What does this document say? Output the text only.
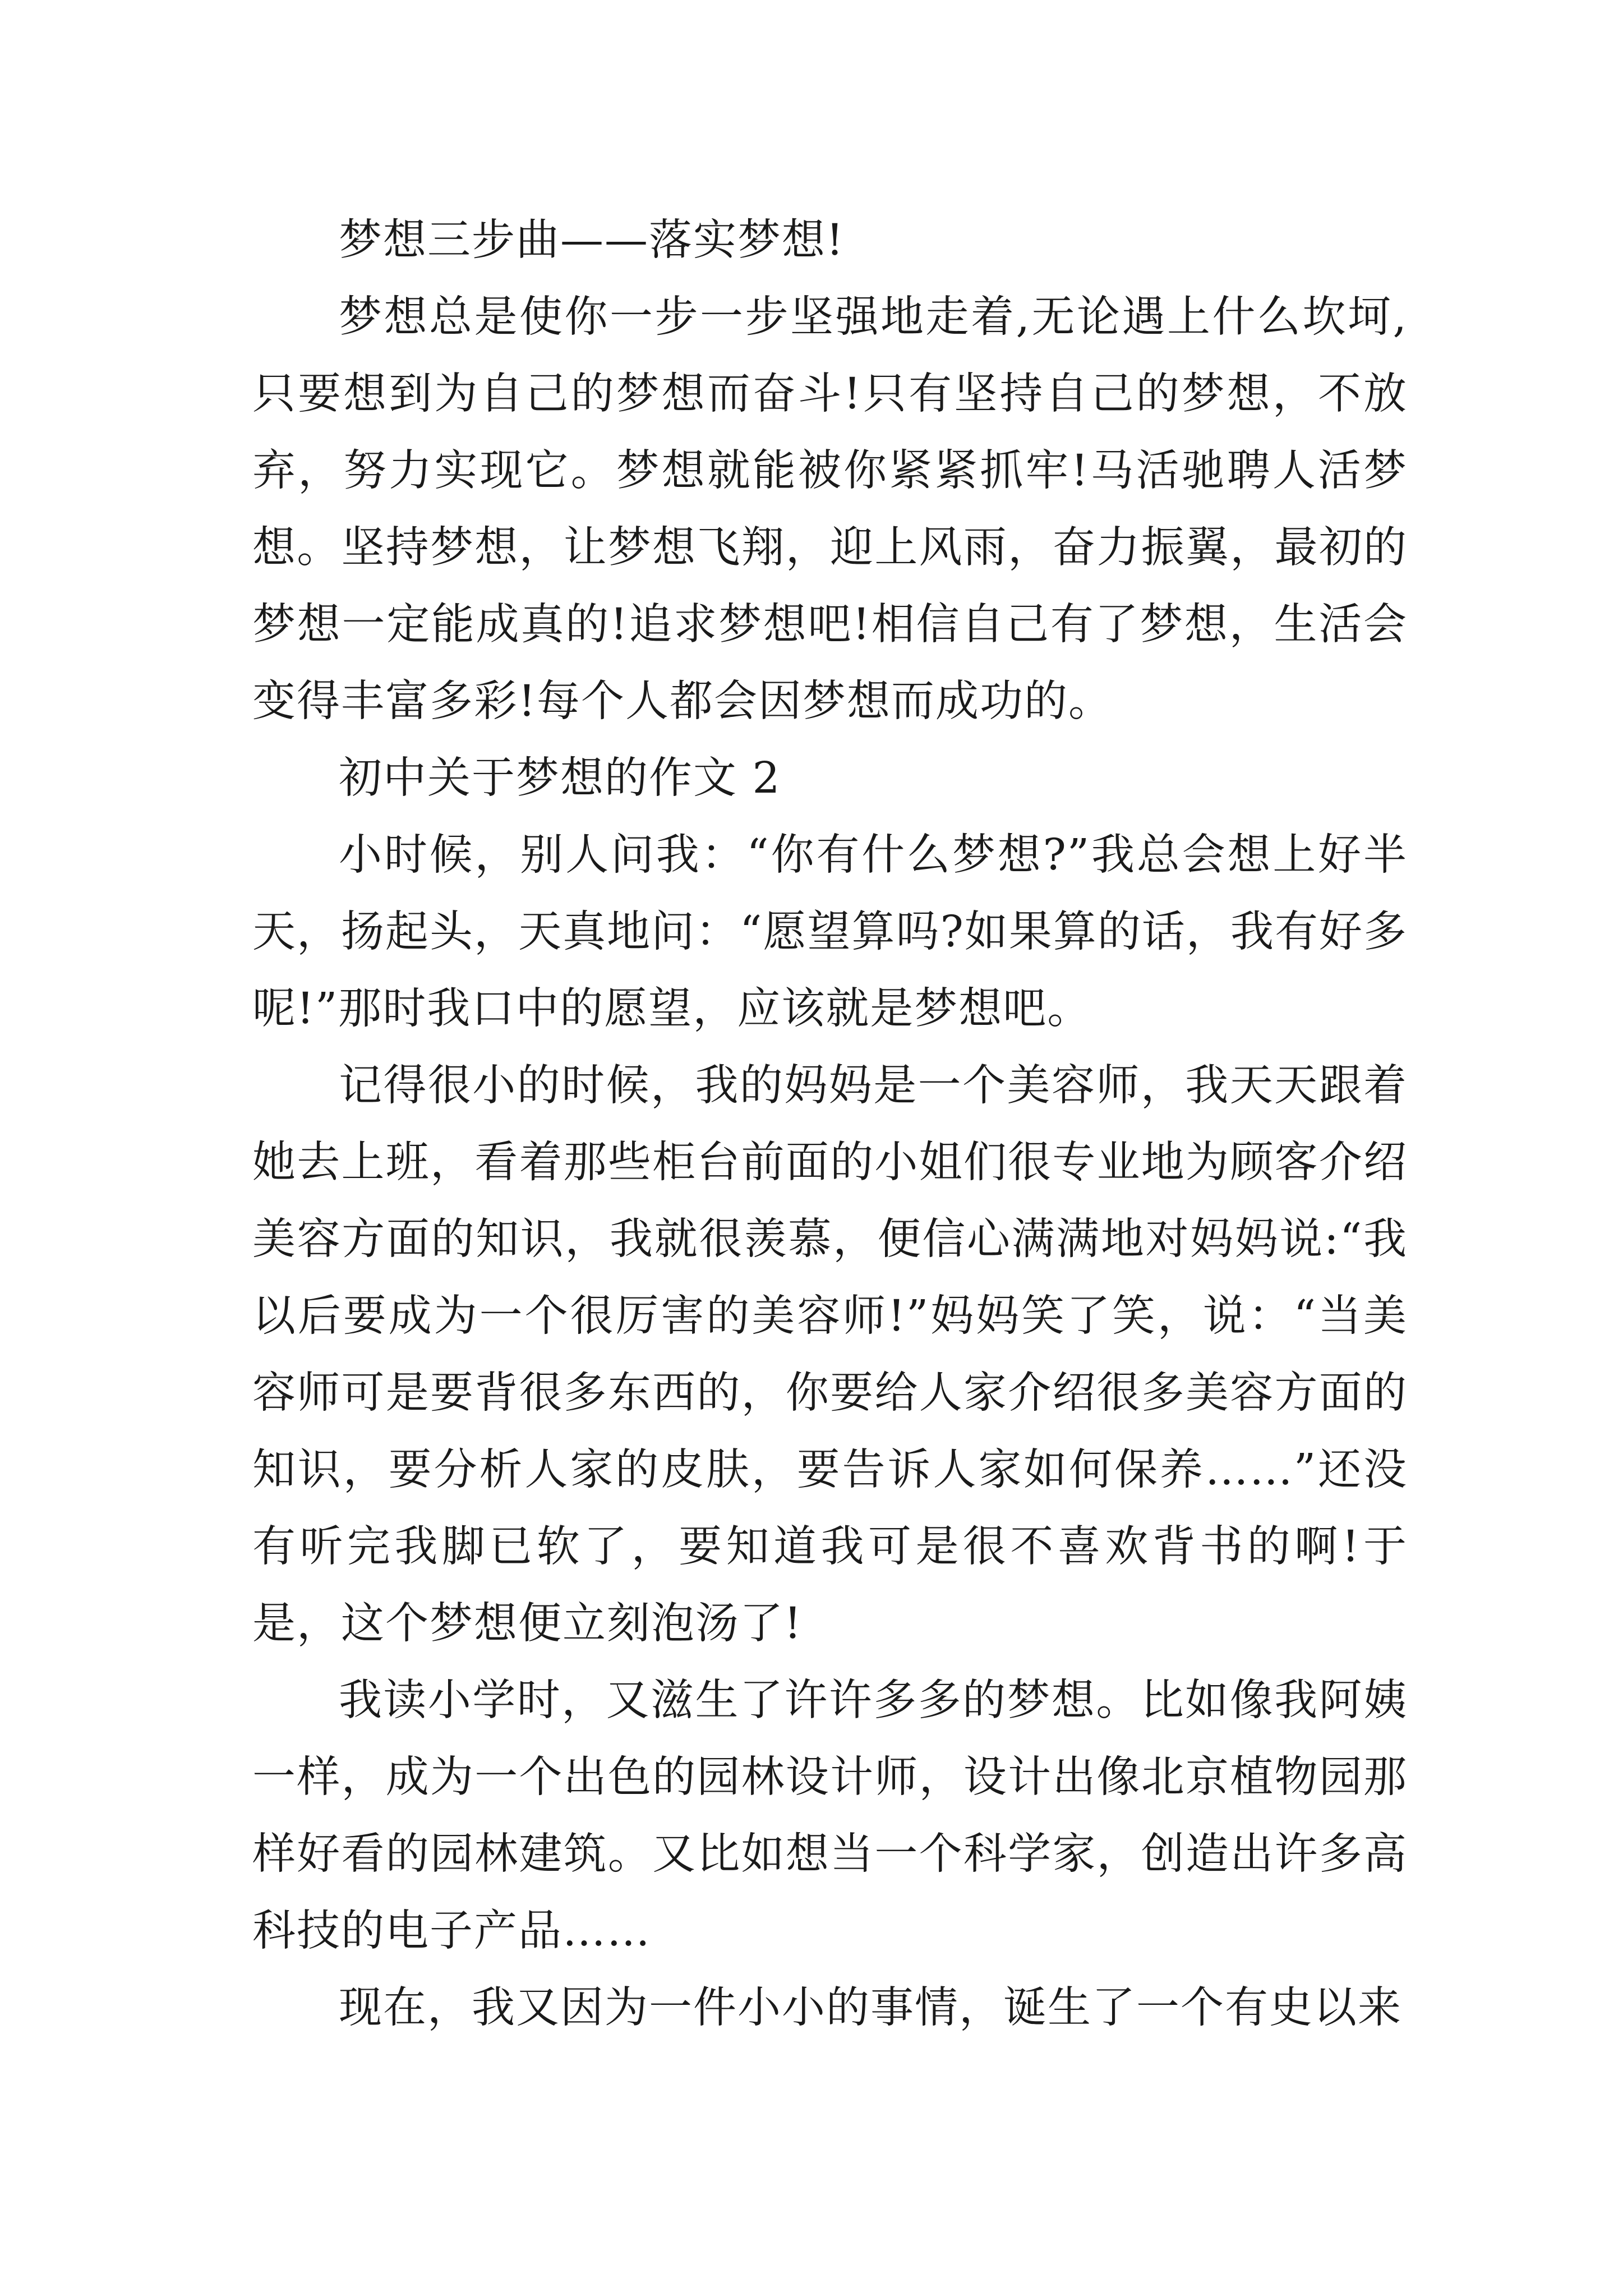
梦想三步曲——落实梦想!

梦想总是使你一步一步坚强地走着,无论遇上什么坎坷,只要想到为自己的梦想而奋斗!只有坚持自己的梦想，不放弃，努力实现它。梦想就能被你紧紧抓牢!马活驰聘人活梦想。坚持梦想，让梦想飞翔，迎上风雨，奋力振翼，最初的梦想一定能成真的!追求梦想吧!相信自己有了梦想，生活会变得丰富多彩!每个人都会因梦想而成功的。

初中关于梦想的作文 2

小时候，别人问我：“你有什么梦想?”我总会想上好半天，扬起头，天真地问：“愿望算吗?如果算的话，我有好多呢!”那时我口中的愿望，应该就是梦想吧。

记得很小的时候，我的妈妈是一个美容师，我天天跟着她去上班，看着那些柜台前面的小姐们很专业地为顾客介绍美容方面的知识，我就很羡慕，便信心满满地对妈妈说:“我以后要成为一个很厉害的美容师!”妈妈笑了笑，说：“当美容师可是要背很多东西的，你要给人家介绍很多美容方面的知识，要分析人家的皮肤，要告诉人家如何保养……”还没有听完我脚已软了，要知道我可是很不喜欢背书的啊!于是，这个梦想便立刻泡汤了!

我读小学时，又滋生了许许多多的梦想。比如像我阿姨一样，成为一个出色的园林设计师，设计出像北京植物园那样好看的园林建筑。又比如想当一个科学家，创造出许多高科技的电子产品……

现在，我又因为一件小小的事情，诞生了一个有史以来
